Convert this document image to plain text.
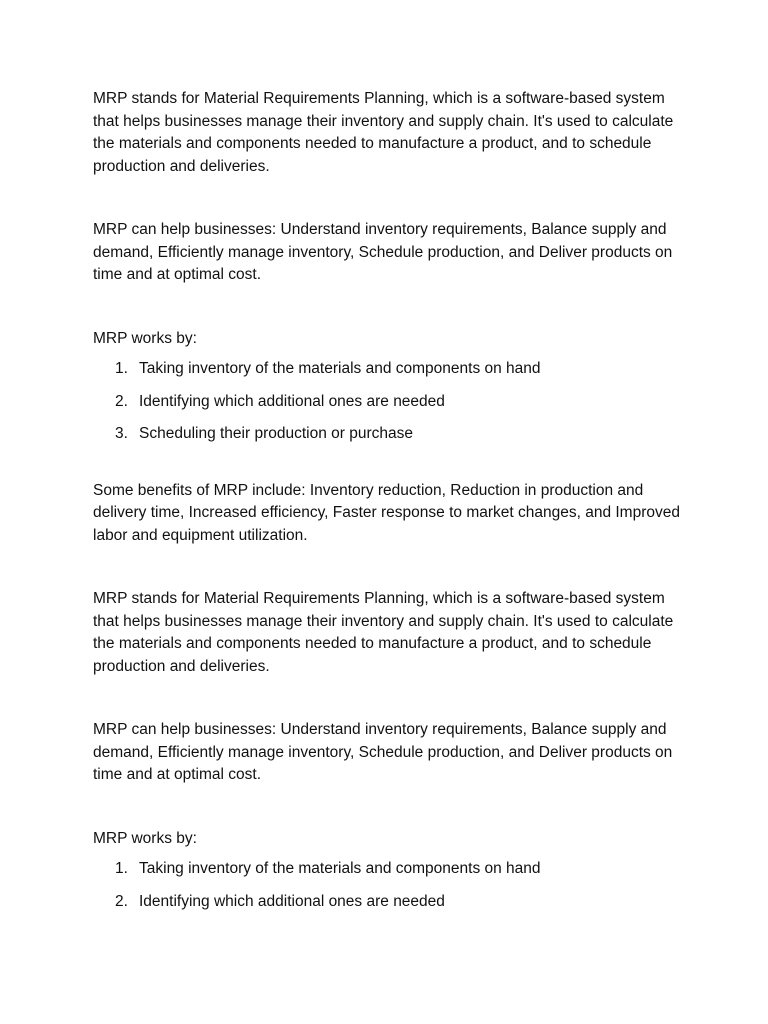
MRP stands for Material Requirements Planning, which is a software-based system that helps businesses manage their inventory and supply chain. It's used to calculate the materials and components needed to manufacture a product, and to schedule production and deliveries.

MRP can help businesses: Understand inventory requirements, Balance supply and demand, Efficiently manage inventory, Schedule production, and Deliver products on time and at optimal cost.

MRP works by:

1. Taking inventory of the materials and components on hand
2. Identifying which additional ones are needed
3. Scheduling their production or purchase

Some benefits of MRP include: Inventory reduction, Reduction in production and delivery time, Increased efficiency, Faster response to market changes, and Improved labor and equipment utilization.

MRP stands for Material Requirements Planning, which is a software-based system that helps businesses manage their inventory and supply chain. It's used to calculate the materials and components needed to manufacture a product, and to schedule production and deliveries.

MRP can help businesses: Understand inventory requirements, Balance supply and demand, Efficiently manage inventory, Schedule production, and Deliver products on time and at optimal cost.

MRP works by:

1. Taking inventory of the materials and components on hand
2. Identifying which additional ones are needed
